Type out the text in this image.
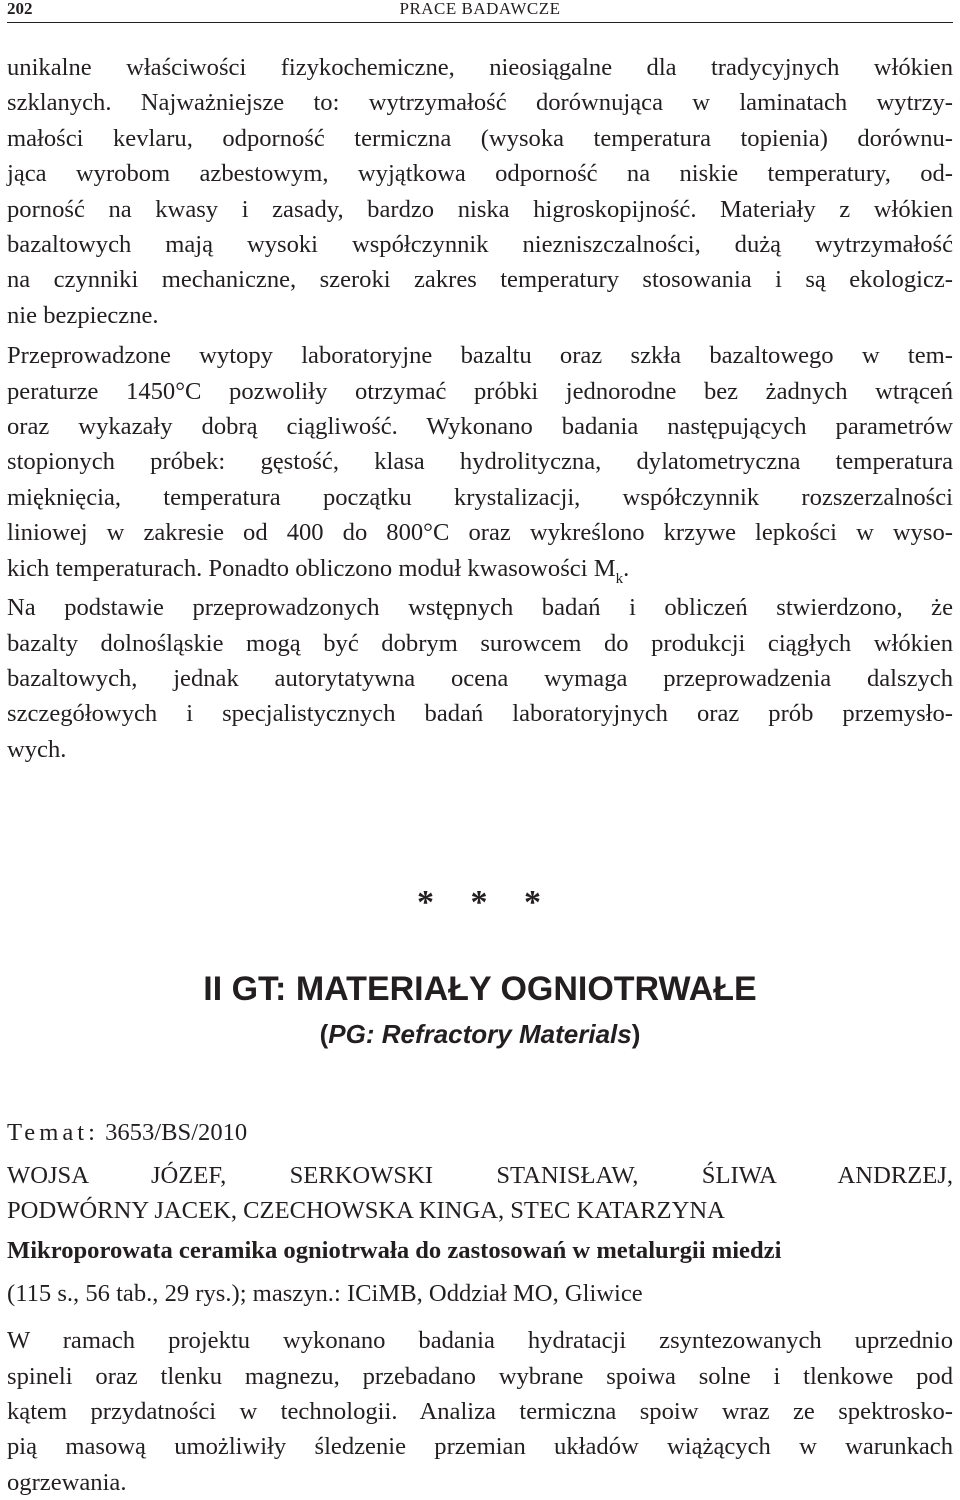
202	PRACE BADAWCZE

unikalne właściwości fizykochemiczne, nieosiągalne dla tradycyjnych włókien
szklanych. Najważniejsze to: wytrzymałość dorównująca w laminatach wytrzy-
małości kevlaru, odporność termiczna (wysoka temperatura topienia) dorównu-
jąca wyrobom azbestowym, wyjątkowa odporność na niskie temperatury, od-
porność na kwasy i zasady, bardzo niska higroskopijność. Materiały z włókien
bazaltowych mają wysoki współczynnik niezniszczalności, dużą wytrzymałość
na czynniki mechaniczne, szeroki zakres temperatury stosowania i są ekologicz-
nie bezpieczne.

Przeprowadzone wytopy laboratoryjne bazaltu oraz szkła bazaltowego w tem-
peraturze 1450°C pozwoliły otrzymać próbki jednorodne bez żadnych wtrąceń
oraz wykazały dobrą ciągliwość. Wykonano badania następujących parametrów
stopionych próbek: gęstość, klasa hydrolityczna, dylatometryczna temperatura
mięknięcia, temperatura początku krystalizacji, współczynnik rozszerzalności
liniowej w zakresie od 400 do 800°C oraz wykreślono krzywe lepkości w wyso-
kich temperaturach. Ponadto obliczono moduł kwasowości $M_k$.

Na podstawie przeprowadzonych wstępnych badań i obliczeń stwierdzono, że
bazalty dolnośląskie mogą być dobrym surowcem do produkcji ciągłych włókien
bazaltowych, jednak autorytatywna ocena wymaga przeprowadzenia dalszych
szczegółowych i specjalistycznych badań laboratoryjnych oraz prób przemysło-
wych.

* * *
II GT: MATERIAŁY OGNIOTRWAŁE
(PG: Refractory Materials)
Temat: 3653/BS/2010
WOJSA JÓZEF, SERKOWSKI STANISŁAW, ŚLIWA ANDRZEJ,
PODWÓRNY JACEK, CZECHOWSKA KINGA, STEC KATARZYNA
Mikroporowata ceramika ogniotrwała do zastosowań w metalurgii miedzi
(115 s., 56 tab., 29 rys.); maszyn.: ICiMB, Oddział MO, Gliwice

W ramach projektu wykonano badania hydratacji zsyntezowanych uprzednio
spineli oraz tlenku magnezu, przebadano wybrane spoiwa solne i tlenkowe pod
kątem przydatności w technologii. Analiza termiczna spoiw wraz ze spektrosko-
pią masową umożliwiły śledzenie przemian układów wiążących w warunkach
ogrzewania.
